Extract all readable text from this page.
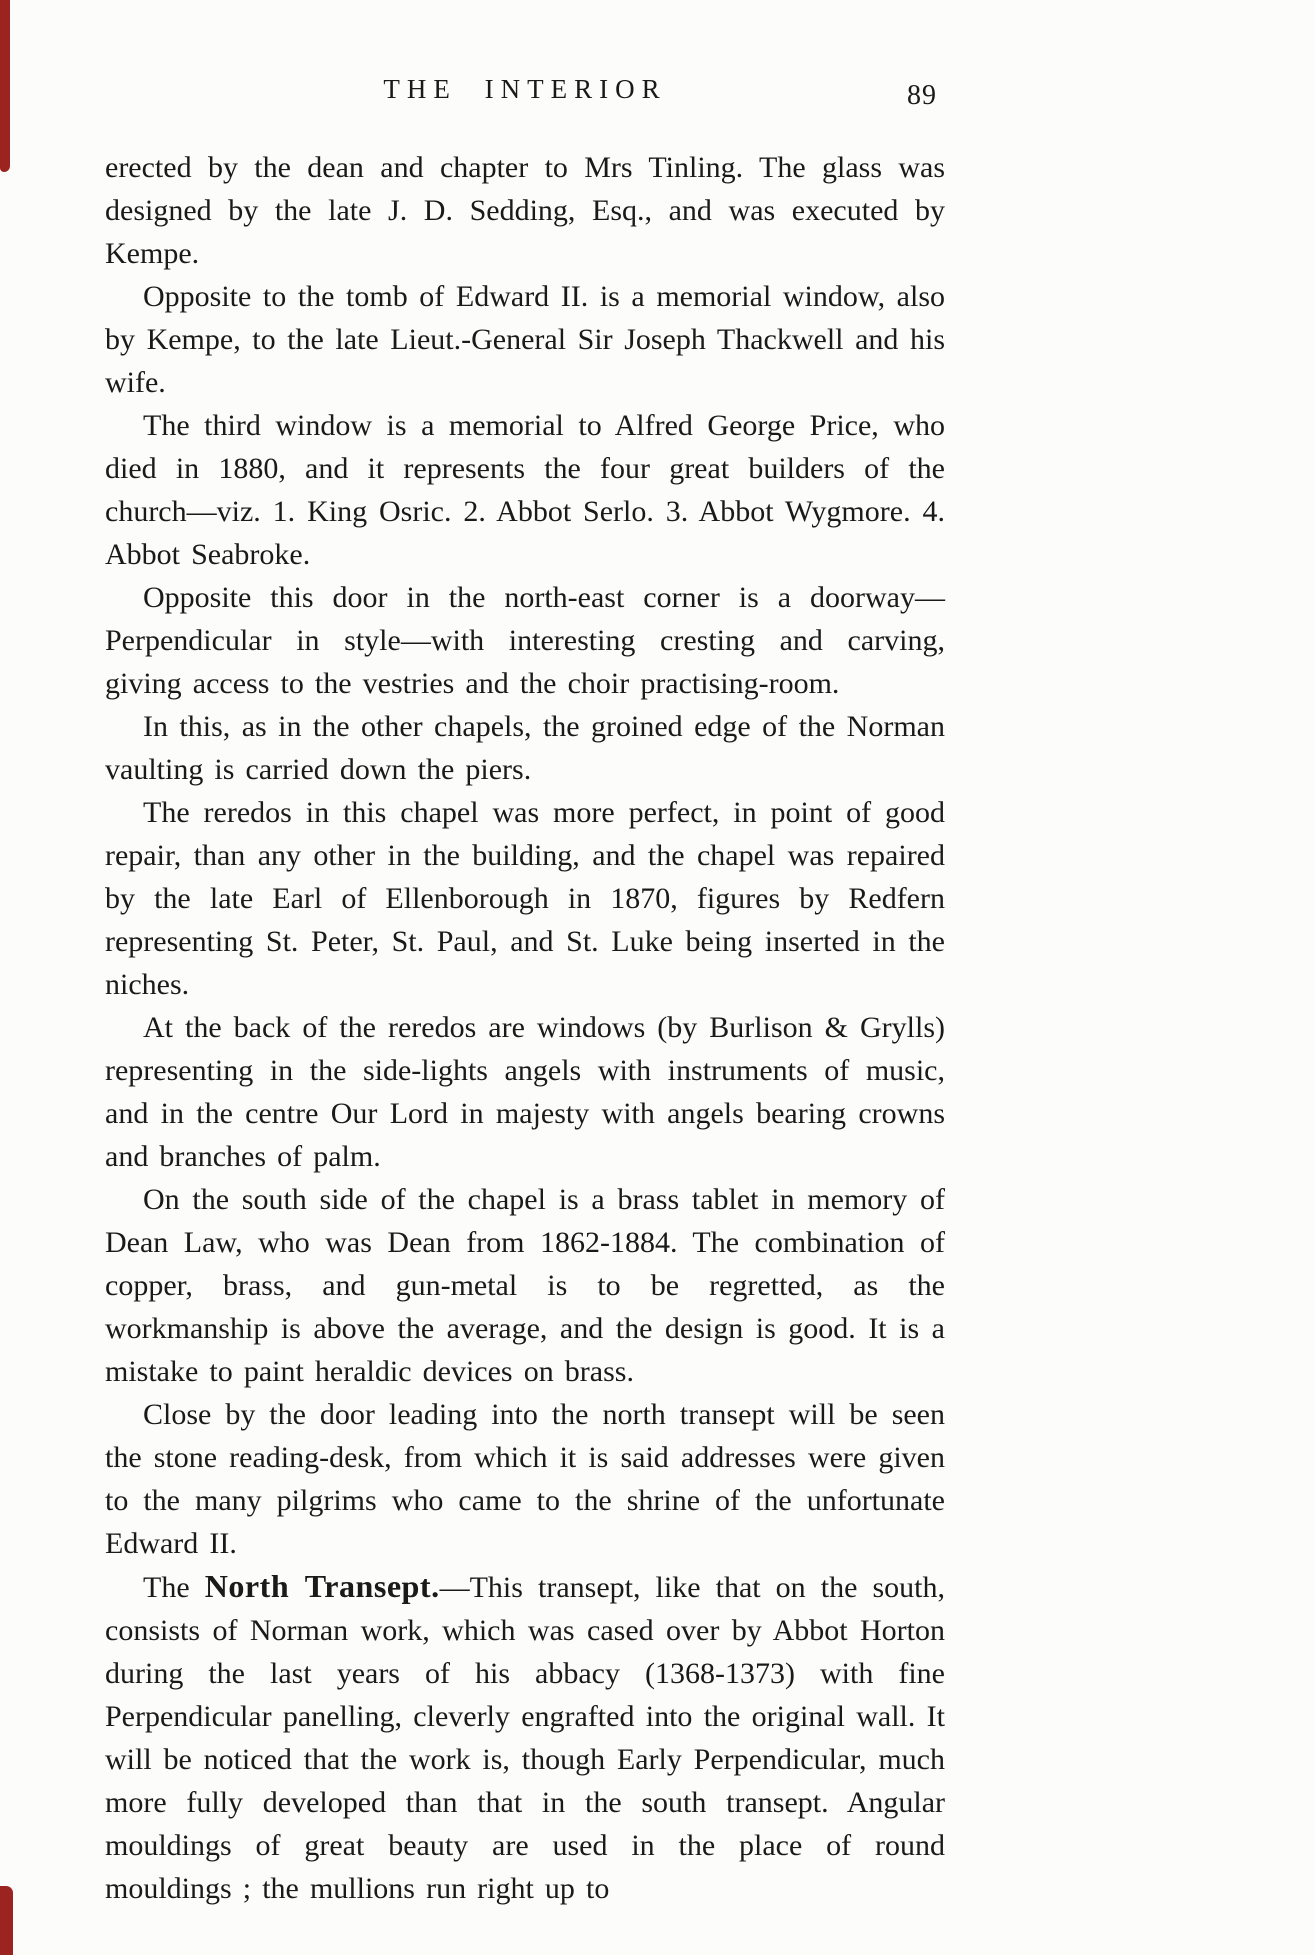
THE INTERIOR	89

erected by the dean and chapter to Mrs Tinling. The glass was designed by the late J. D. Sedding, Esq., and was executed by Kempe.

Opposite to the tomb of Edward II. is a memorial window, also by Kempe, to the late Lieut.-General Sir Joseph Thackwell and his wife.

The third window is a memorial to Alfred George Price, who died in 1880, and it represents the four great builders of the church—viz. 1. King Osric. 2. Abbot Serlo. 3. Abbot Wygmore. 4. Abbot Seabroke.

Opposite this door in the north-east corner is a doorway—Perpendicular in style—with interesting cresting and carving, giving access to the vestries and the choir practising-room.

In this, as in the other chapels, the groined edge of the Norman vaulting is carried down the piers.

The reredos in this chapel was more perfect, in point of good repair, than any other in the building, and the chapel was repaired by the late Earl of Ellenborough in 1870, figures by Redfern representing St. Peter, St. Paul, and St. Luke being inserted in the niches.

At the back of the reredos are windows (by Burlison & Grylls) representing in the side-lights angels with instruments of music, and in the centre Our Lord in majesty with angels bearing crowns and branches of palm.

On the south side of the chapel is a brass tablet in memory of Dean Law, who was Dean from 1862-1884. The combination of copper, brass, and gun-metal is to be regretted, as the workmanship is above the average, and the design is good. It is a mistake to paint heraldic devices on brass.

Close by the door leading into the north transept will be seen the stone reading-desk, from which it is said addresses were given to the many pilgrims who came to the shrine of the unfortunate Edward II.

The North Transept.—This transept, like that on the south, consists of Norman work, which was cased over by Abbot Horton during the last years of his abbacy (1368-1373) with fine Perpendicular panelling, cleverly engrafted into the original wall. It will be noticed that the work is, though Early Perpendicular, much more fully developed than that in the south transept. Angular mouldings of great beauty are used in the place of round mouldings ; the mullions run right up to
